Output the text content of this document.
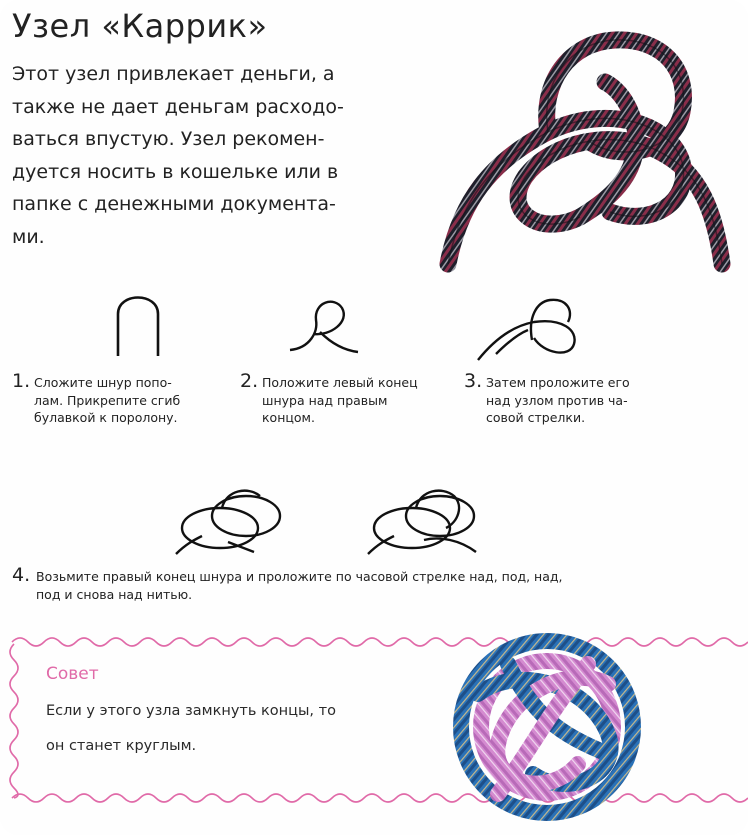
Узел «Каррик»

Этот узел привлекает деньги, а
также не дает деньгам расходо-
ваться впустую. Узел рекомен-
дуется носить в кошельке или в
папке с денежными документа-
ми.

1. Сложите шнур попо-
лам. Прикрепите сгиб
булавкой к поролону.
2. Положите левый конец
шнура над правым
концом.
3. Затем проложите его
над узлом против ча-
совой стрелки.
4. Возьмите правый конец шнура и проложите по часовой стрелке над, под, над,
под и снова над нитью.
Совет
Если у этого узла замкнуть концы, то
он станет круглым.
